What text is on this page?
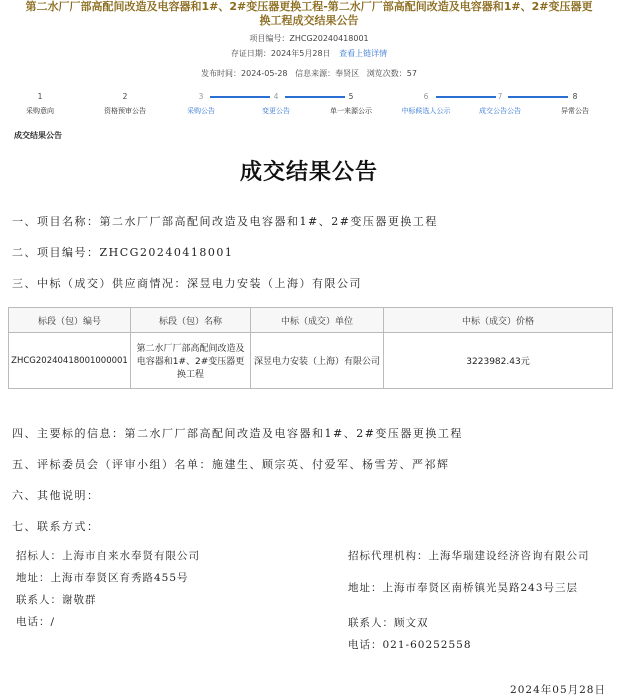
第二水厂厂部高配间改造及电容器和1#、2#变压器更换工程-第二水厂厂部高配间改造及电容器和1#、2#变压器更
换工程成交结果公告
项目编号：ZHCG20240418001
存证日期：2024年5月28日 查看上链详情
发布时间：2024-05-28 信息来源：奉贤区 浏览次数：57
1
采购意向
2
资格预审公告
3
采购公告
4
变更公告
5
单一来源公示
6
中标候选人公示
7
成交公告公告
8
异常公告
成交结果公告
成交结果公告
一、项目名称：第二水厂厂部高配间改造及电容器和1#、2#变压器更换工程
二、项目编号：ZHCG20240418001
三、中标（成交）供应商情况：深昱电力安装（上海）有限公司
标段（包）编号	标段（包）名称	中标（成交）单位	中标（成交）价格
ZHCG20240418001000001	第二水厂厂部高配间改造及电容器和1#、2#变压器更换工程	深昱电力安装（上海）有限公司	3223982.43元
四、主要标的信息：第二水厂厂部高配间改造及电容器和1#、2#变压器更换工程
五、评标委员会（评审小组）名单：施建生、顾宗英、付爱军、杨雪芳、严祁辉
六、其他说明：
七、联系方式：
招标人：上海市自来水奉贤有限公司
地址：上海市奉贤区育秀路455号
联系人：谢敬群
电话：/
招标代理机构：上海华瑞建设经济咨询有限公司
地址：上海市奉贤区南桥镇光昊路243号三层
联系人：顾文双
电话：021-60252558
2024年05月28日
